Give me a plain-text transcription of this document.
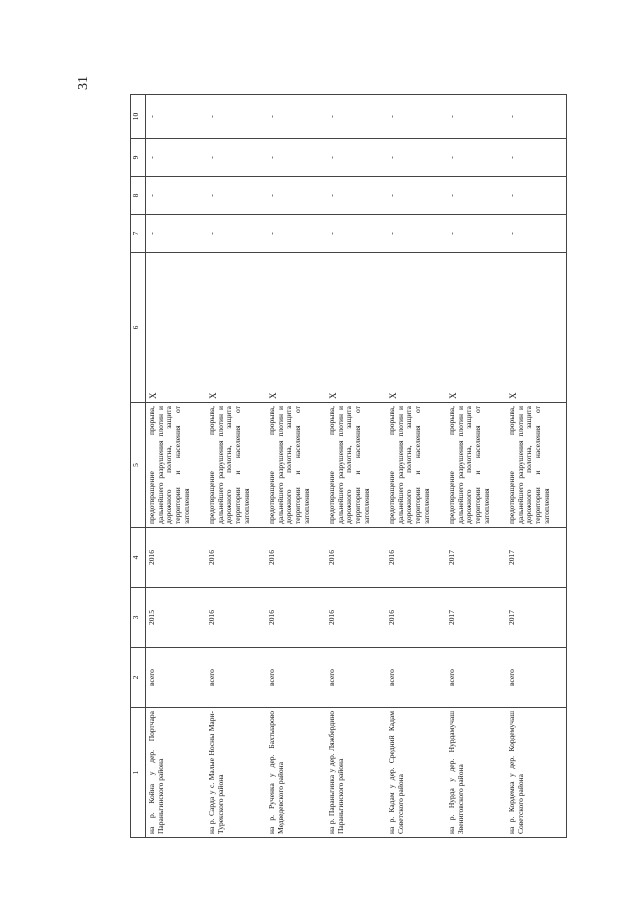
31
1	2	3	4	5	6	7	8	9	10
на р. Койна у дер. Портчара Параньгинского района	всего	2015	2016	предотвращение прорыва, дальнейшего разрушения плотин и дорожного полотна, защита территории и населения от затопления	X	-	-	-	-
на р. Сарда у с. Малые Носны Мари-Турекского района	всего	2016	2016	предотвращение прорыва, дальнейшего разрушения плотин и дорожного полотна, защита территории и населения от затопления	X	-	-	-	-
на р. Рученка у дер. Бахтыарово Медведевского района	всего	2016	2016	предотвращение прорыва, дальнейшего разрушения плотин и дорожного полотна, защита территории и населения от затопления	X	-	-	-	-
на р. Параньгинка у дер. Ляжбердино Параньгинского района	всего	2016	2016	предотвращение прорыва, дальнейшего разрушения плотин и дорожного полотна, защита территории и населения от затопления	X	-	-	-	-
на р. Кадам у дер. Средний Кадам Советского района	всего	2016	2016	предотвращение прорыва, дальнейшего разрушения плотин и дорожного полотна, защита территории и населения от затопления	X	-	-	-	-
на р. Нурда у дер. Нурдамучаш Звениговского района	всего	2017	2017	предотвращение прорыва, дальнейшего разрушения плотин и дорожного полотна, защита территории и населения от затопления	X	-	-	-	-
на р. Кордемка у дер. Кордемучаш Советского района	всего	2017	2017	предотвращение прорыва, дальнейшего разрушения плотин и дорожного полотна, защита территории и населения от затопления	X	-	-	-	-
